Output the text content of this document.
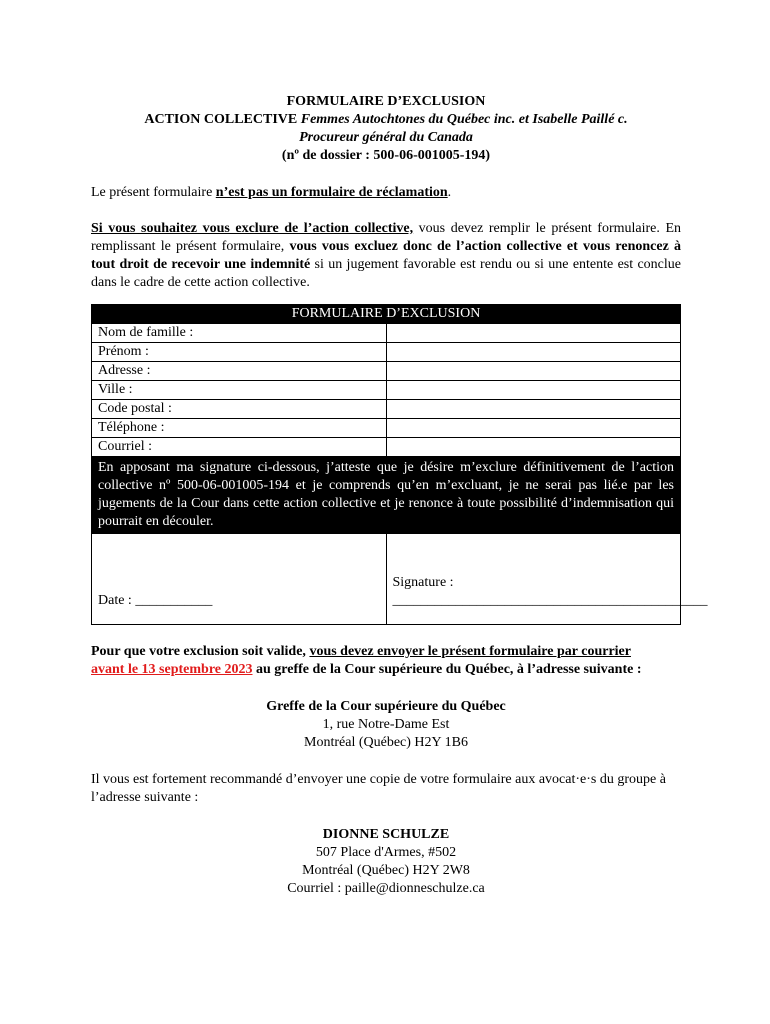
FORMULAIRE D’EXCLUSION
ACTION COLLECTIVE Femmes Autochtones du Québec inc. et Isabelle Paillé c.
Procureur général du Canada
(nº de dossier : 500-06-001005-194)

Le présent formulaire n’est pas un formulaire de réclamation.

Si vous souhaitez vous exclure de l’action collective, vous devez remplir le présent formulaire. En remplissant le présent formulaire, vous vous excluez donc de l’action collective et vous renoncez à tout droit de recevoir une indemnité si un jugement favorable est rendu ou si une entente est conclue dans le cadre de cette action collective.

FORMULAIRE D’EXCLUSION	
Nom de famille :	
Prénom :	
Adresse :	
Ville :	
Code postal :	
Téléphone :	
Courriel :	
En apposant ma signature ci-dessous, j’atteste que je désire m’exclure définitivement de l’action collective nº 500-06-001005-194 et je comprends qu’en m’excluant, je ne serai pas lié.e par les jugements de la Cour dans cette action collective et je renonce à toute possibilité d’indemnisation qui pourrait en découler.	
Date : ___________	Signature : _____________________________________________

Pour que votre exclusion soit valide, vous devez envoyer le présent formulaire par courrier
avant le 13 septembre 2023 au greffe de la Cour supérieure du Québec, à l’adresse suivante :

Greffe de la Cour supérieure du Québec
1, rue Notre-Dame Est
Montréal (Québec) H2Y 1B6

Il vous est fortement recommandé d’envoyer une copie de votre formulaire aux avocat·e·s du groupe à l’adresse suivante :

DIONNE SCHULZE
507 Place d'Armes, #502
Montréal (Québec) H2Y 2W8
Courriel : paille@dionneschulze.ca
